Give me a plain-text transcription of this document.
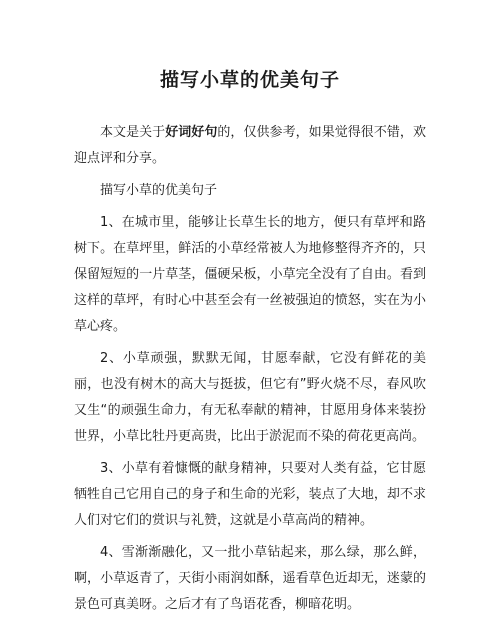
描写小草的优美句子

本文是关于好词好句的，仅供参考，如果觉得很不错，欢迎点评和分享。

描写小草的优美句子

1、在城市里，能够让长草生长的地方，便只有草坪和路树下。在草坪里，鲜活的小草经常被人为地修整得齐齐的，只保留短短的一片草茎，僵硬呆板，小草完全没有了自由。看到这样的草坪，有时心中甚至会有一丝被强迫的愤怒，实在为小草心疼。

2、小草顽强，默默无闻，甘愿奉献，它没有鲜花的美丽，也没有树木的高大与挺拔，但它有”野火烧不尽，春风吹又生“的顽强生命力，有无私奉献的精神，甘愿用身体来装扮世界，小草比牡丹更高贵，比出于淤泥而不染的荷花更高尚。

3、小草有着慷慨的献身精神，只要对人类有益，它甘愿牺牲自己它用自己的身子和生命的光彩，装点了大地，却不求人们对它们的赏识与礼赞，这就是小草高尚的精神。

4、雪渐渐融化，又一批小草钻起来，那么绿，那么鲜，啊，小草返青了，天街小雨润如酥，遥看草色近却无，迷蒙的景色可真美呀。之后才有了鸟语花香，柳暗花明。
